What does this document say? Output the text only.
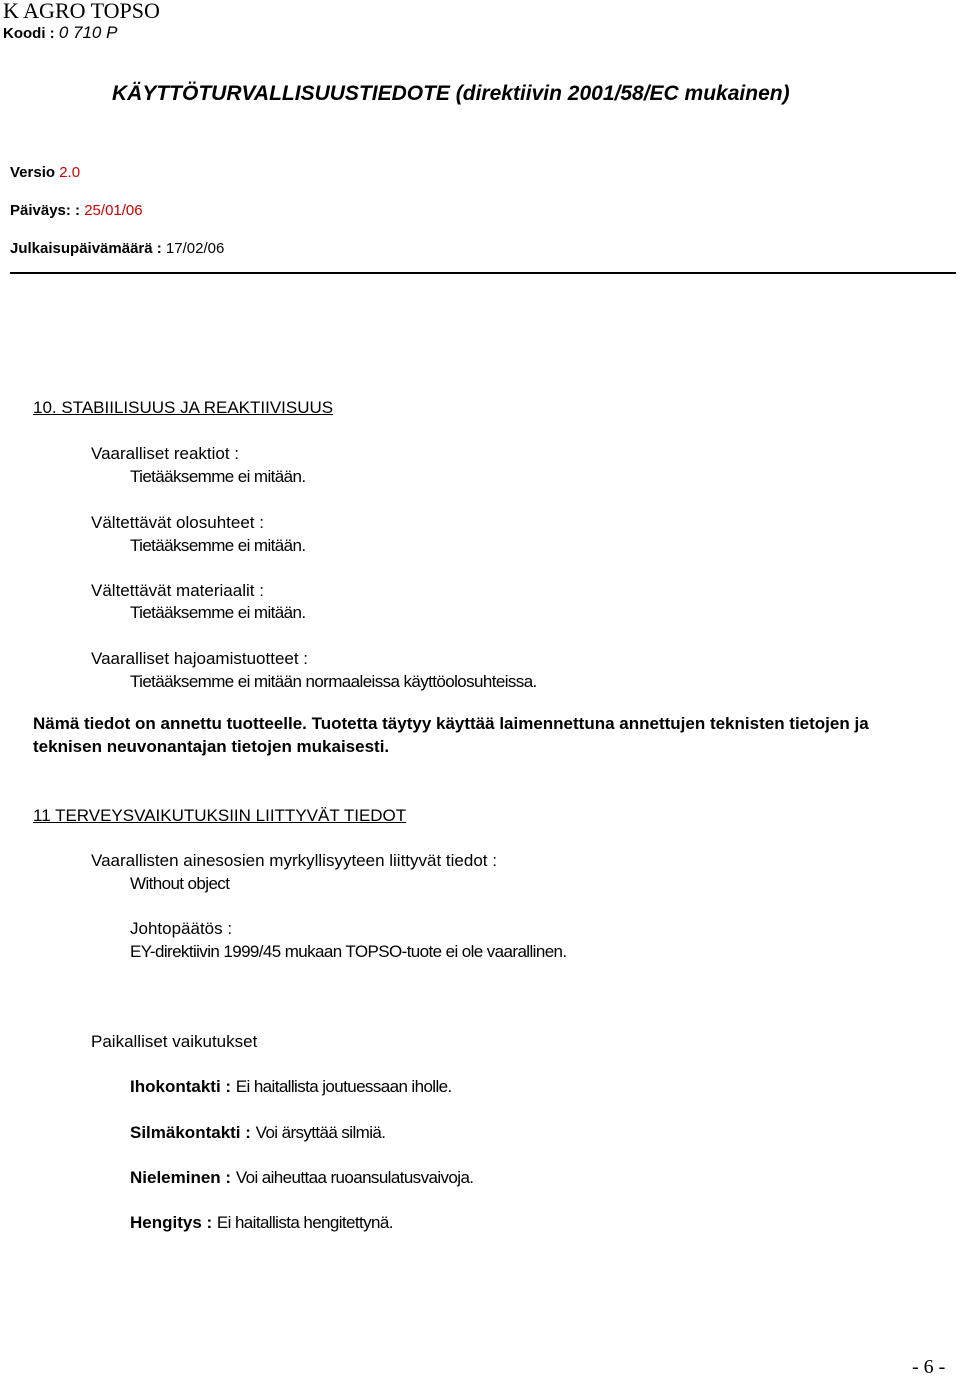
K AGRO TOPSO
Koodi : 0 710 P
KÄYTTÖTURVALLISUUSTIEDOTE (direktiivin 2001/58/EC mukainen)
Versio 2.0
Päiväys: : 25/01/06
Julkaisupäivämäärä : 17/02/06
10. STABIILISUUS JA REAKTIIVISUUS
Vaaralliset reaktiot :
Tietääksemme ei mitään.
Vältettävät olosuhteet :
Tietääksemme ei mitään.
Vältettävät materiaalit :
Tietääksemme ei mitään.
Vaaralliset hajoamistuotteet :
Tietääksemme ei mitään normaaleissa käyttöolosuhteissa.
Nämä tiedot on annettu tuotteelle. Tuotetta täytyy käyttää laimennettuna annettujen teknisten tietojen ja teknisen neuvonantajan tietojen mukaisesti.
11 TERVEYSVAIKUTUKSIIN LIITTYVÄT TIEDOT
Vaarallisten ainesosien myrkyllisyyteen liittyvät tiedot :
Without object
Johtopäätös :
EY-direktiivin 1999/45 mukaan TOPSO-tuote ei ole vaarallinen.
Paikalliset vaikutukset
Ihokontakti : Ei haitallista joutuessaan iholle.
Silmäkontakti : Voi ärsyttää silmiä.
Nieleminen : Voi aiheuttaa ruoansulatusvaivoja.
Hengitys : Ei haitallista hengitettynä.
- 6 -
